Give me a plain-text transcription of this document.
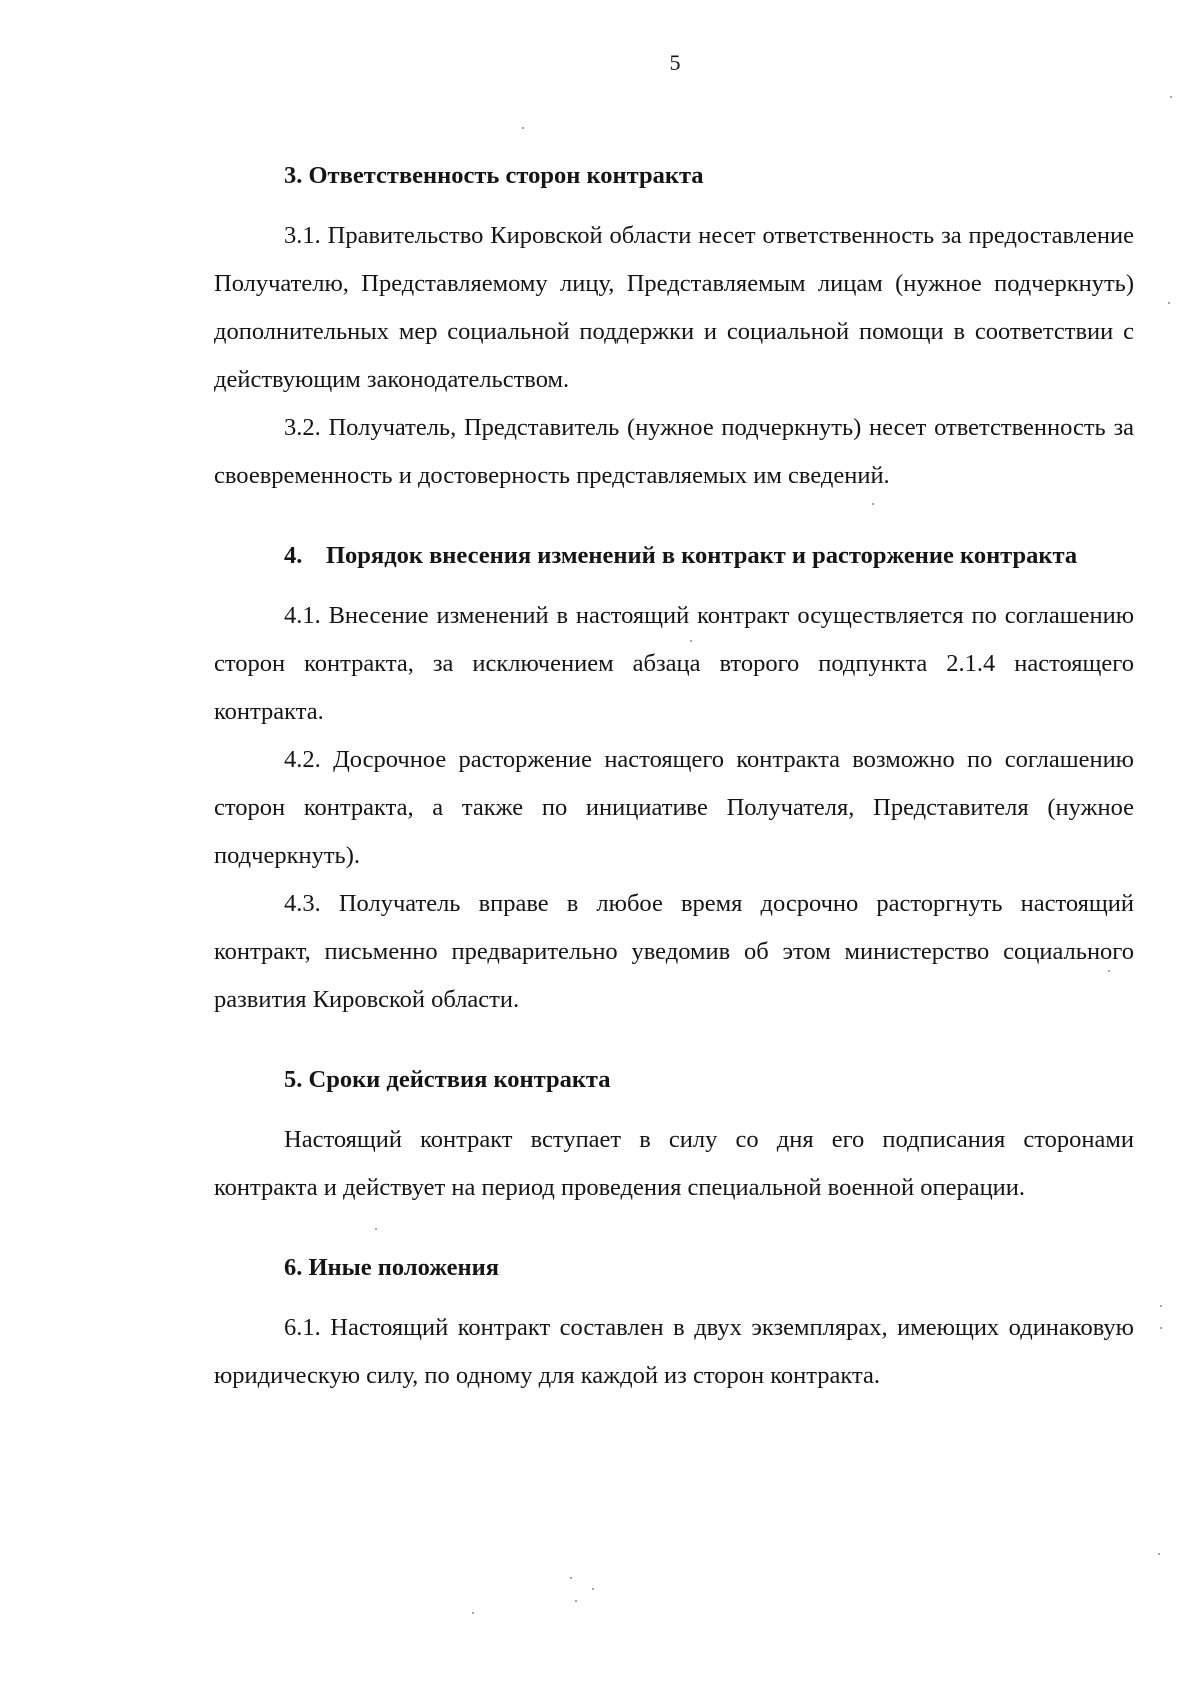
5

3. Ответственность сторон контракта

3.1. Правительство Кировской области несет ответственность за предоставление Получателю, Представляемому лицу, Представляемым лицам (нужное подчеркнуть) дополнительных мер социальной поддержки и социальной помощи в соответствии с действующим законодательством.

3.2. Получатель, Представитель (нужное подчеркнуть) несет ответственность за своевременность и достоверность представляемых им сведений.

4. Порядок внесения изменений в контракт и расторжение контракта

4.1. Внесение изменений в настоящий контракт осуществляется по соглашению сторон контракта, за исключением абзаца второго подпункта 2.1.4 настоящего контракта.

4.2. Досрочное расторжение настоящего контракта возможно по соглашению сторон контракта, а также по инициативе Получателя, Представителя (нужное подчеркнуть).

4.3. Получатель вправе в любое время досрочно расторгнуть настоящий контракт, письменно предварительно уведомив об этом министерство социального развития Кировской области.

5. Сроки действия контракта

Настоящий контракт вступает в силу со дня его подписания сторонами контракта и действует на период проведения специальной военной операции.

6. Иные положения

6.1. Настоящий контракт составлен в двух экземплярах, имеющих одинаковую юридическую силу, по одному для каждой из сторон контракта.
